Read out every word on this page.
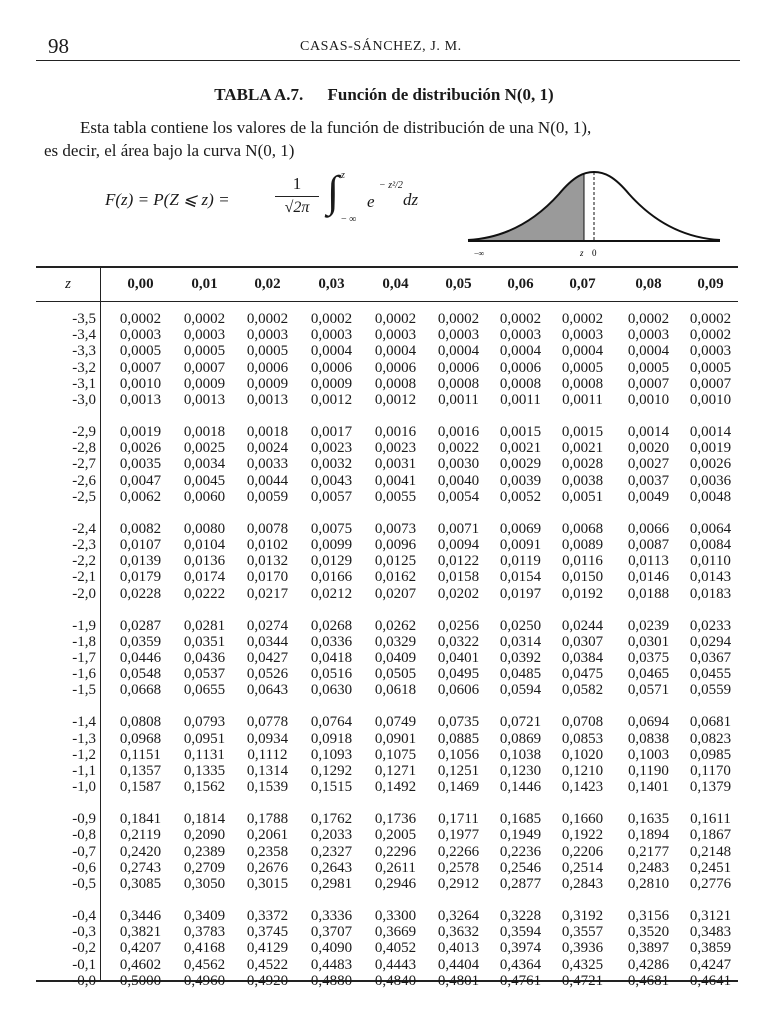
98	CASAS-SÁNCHEZ, J. M.
TABLA A.7. Función de distribución N(0, 1)
Esta tabla contiene los valores de la función de distribución de una N(0, 1),
es decir, el área bajo la curva N(0, 1)
F(z) = P(Z ⩽ z) =
1
√2π ∫ z
− ∞
e
− z²/2
dz
−∞	z 0
z	0,00	0,01	0,02	0,03	0,04	0,05	0,06	0,07	0,08	0,09
-3,5	0,0002	0,0002	0,0002	0,0002	0,0002	0,0002	0,0002	0,0002	0,0002	0,0002
-3,4	0,0003	0,0003	0,0003	0,0003	0,0003	0,0003	0,0003	0,0003	0,0003	0,0002
-3,3	0,0005	0,0005	0,0005	0,0004	0,0004	0,0004	0,0004	0,0004	0,0004	0,0003
-3,2	0,0007	0,0007	0,0006	0,0006	0,0006	0,0006	0,0006	0,0005	0,0005	0,0005
-3,1	0,0010	0,0009	0,0009	0,0009	0,0008	0,0008	0,0008	0,0008	0,0007	0,0007
-3,0	0,0013	0,0013	0,0013	0,0012	0,0012	0,0011	0,0011	0,0011	0,0010	0,0010
-2,9	0,0019	0,0018	0,0018	0,0017	0,0016	0,0016	0,0015	0,0015	0,0014	0,0014
-2,8	0,0026	0,0025	0,0024	0,0023	0,0023	0,0022	0,0021	0,0021	0,0020	0,0019
-2,7	0,0035	0,0034	0,0033	0,0032	0,0031	0,0030	0,0029	0,0028	0,0027	0,0026
-2,6	0,0047	0,0045	0,0044	0,0043	0,0041	0,0040	0,0039	0,0038	0,0037	0,0036
-2,5	0,0062	0,0060	0,0059	0,0057	0,0055	0,0054	0,0052	0,0051	0,0049	0,0048
-2,4	0,0082	0,0080	0,0078	0,0075	0,0073	0,0071	0,0069	0,0068	0,0066	0,0064
-2,3	0,0107	0,0104	0,0102	0,0099	0,0096	0,0094	0,0091	0,0089	0,0087	0,0084
-2,2	0,0139	0,0136	0,0132	0,0129	0,0125	0,0122	0,0119	0,0116	0,0113	0,0110
-2,1	0,0179	0,0174	0,0170	0,0166	0,0162	0,0158	0,0154	0,0150	0,0146	0,0143
-2,0	0,0228	0,0222	0,0217	0,0212	0,0207	0,0202	0,0197	0,0192	0,0188	0,0183
-1,9	0,0287	0,0281	0,0274	0,0268	0,0262	0,0256	0,0250	0,0244	0,0239	0,0233
-1,8	0,0359	0,0351	0,0344	0,0336	0,0329	0,0322	0,0314	0,0307	0,0301	0,0294
-1,7	0,0446	0,0436	0,0427	0,0418	0,0409	0,0401	0,0392	0,0384	0,0375	0,0367
-1,6	0,0548	0,0537	0,0526	0,0516	0,0505	0,0495	0,0485	0,0475	0,0465	0,0455
-1,5	0,0668	0,0655	0,0643	0,0630	0,0618	0,0606	0,0594	0,0582	0,0571	0,0559
-1,4	0,0808	0,0793	0,0778	0,0764	0,0749	0,0735	0,0721	0,0708	0,0694	0,0681
-1,3	0,0968	0,0951	0,0934	0,0918	0,0901	0,0885	0,0869	0,0853	0,0838	0,0823
-1,2	0,1151	0,1131	0,1112	0,1093	0,1075	0,1056	0,1038	0,1020	0,1003	0,0985
-1,1	0,1357	0,1335	0,1314	0,1292	0,1271	0,1251	0,1230	0,1210	0,1190	0,1170
-1,0	0,1587	0,1562	0,1539	0,1515	0,1492	0,1469	0,1446	0,1423	0,1401	0,1379
-0,9	0,1841	0,1814	0,1788	0,1762	0,1736	0,1711	0,1685	0,1660	0,1635	0,1611
-0,8	0,2119	0,2090	0,2061	0,2033	0,2005	0,1977	0,1949	0,1922	0,1894	0,1867
-0,7	0,2420	0,2389	0,2358	0,2327	0,2296	0,2266	0,2236	0,2206	0,2177	0,2148
-0,6	0,2743	0,2709	0,2676	0,2643	0,2611	0,2578	0,2546	0,2514	0,2483	0,2451
-0,5	0,3085	0,3050	0,3015	0,2981	0,2946	0,2912	0,2877	0,2843	0,2810	0,2776
-0,4	0,3446	0,3409	0,3372	0,3336	0,3300	0,3264	0,3228	0,3192	0,3156	0,3121
-0,3	0,3821	0,3783	0,3745	0,3707	0,3669	0,3632	0,3594	0,3557	0,3520	0,3483
-0,2	0,4207	0,4168	0,4129	0,4090	0,4052	0,4013	0,3974	0,3936	0,3897	0,3859
-0,1	0,4602	0,4562	0,4522	0,4483	0,4443	0,4404	0,4364	0,4325	0,4286	0,4247
-0,0	0,5000	0,4960	0,4920	0,4880	0,4840	0,4801	0,4761	0,4721	0,4681	0,4641
